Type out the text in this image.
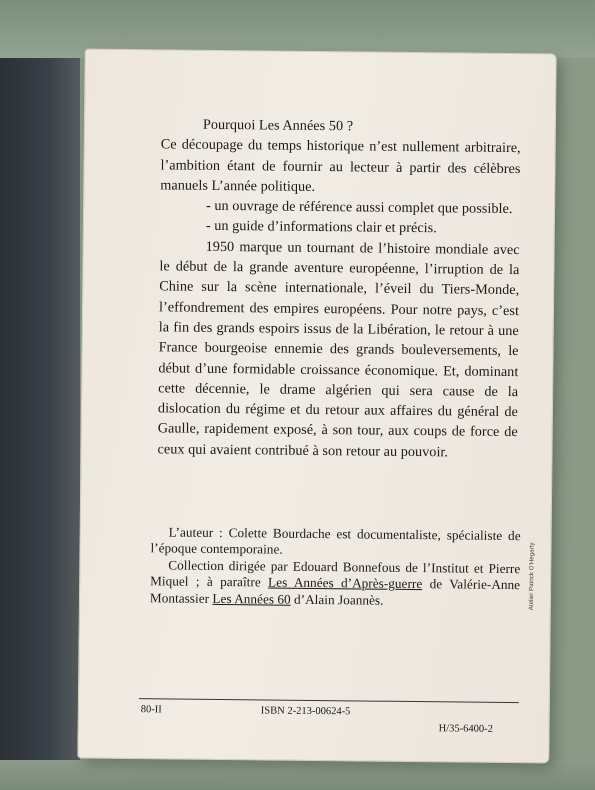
Pourquoi Les Années 50 ?

Ce découpage du temps historique n’est nullement arbitraire, l’ambition étant de fournir au lecteur à partir des célèbres manuels L’année politique.

- un ouvrage de référence aussi complet que possible.

- un guide d’informations clair et précis.

1950 marque un tournant de l’histoire mondiale avec le début de la grande aventure européenne, l’irruption de la Chine sur la scène internationale, l’éveil du Tiers-Monde, l’effondrement des empires européens. Pour notre pays, c’est la fin des grands espoirs issus de la Libération, le retour à une France bourgeoise ennemie des grands bouleversements, le début d’une formidable croissance économique. Et, dominant cette décennie, le drame algérien qui sera cause de la dislocation du régime et du retour aux affaires du général de Gaulle, rapidement exposé, à son tour, aux coups de force de ceux qui avaient contribué à son retour au pouvoir.

L’auteur : Colette Bourdache est documentaliste, spécialiste de l’époque contemporaine.

Collection dirigée par Edouard Bonnefous de l’Institut et Pierre Miquel ; à paraître Les Années d’Après-guerre de Valérie-Anne Montassier Les Années 60 d’Alain Joannès.	Atelier Patrick O’Hegarty
80-II	ISBN 2-213-00624-5
H/35-6400-2
